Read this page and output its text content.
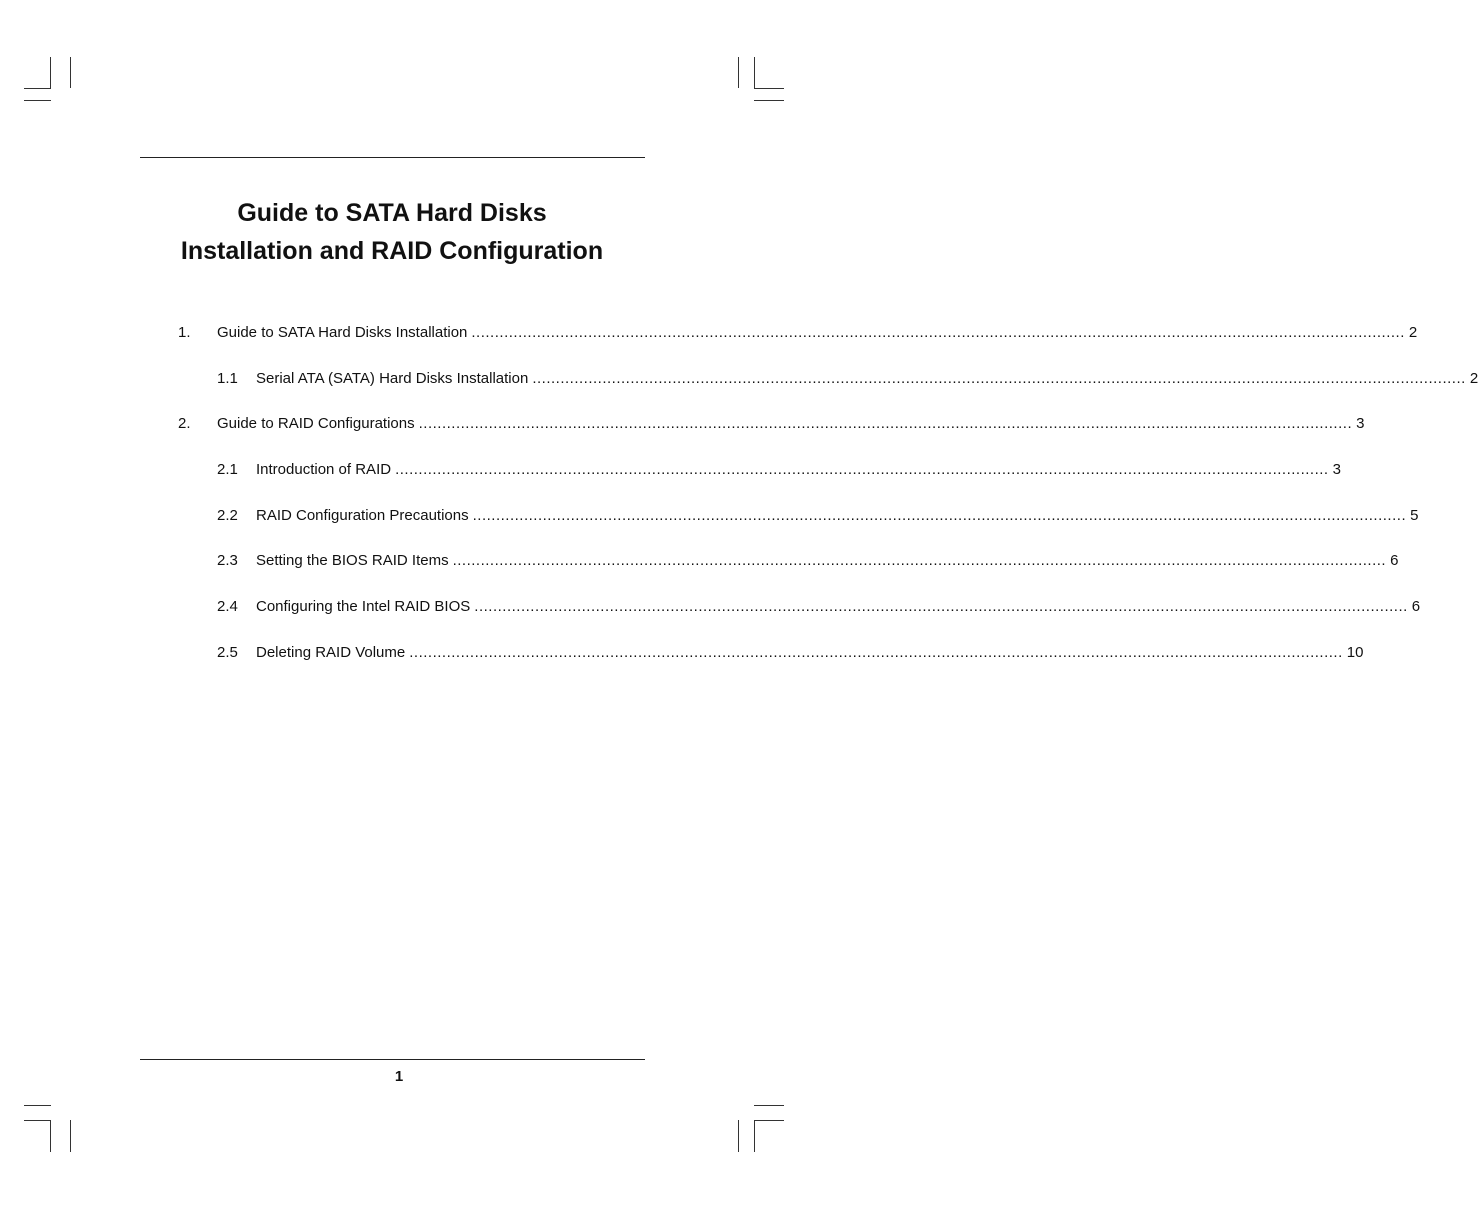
Guide to SATA Hard Disks
Installation and RAID Configuration
1.	Guide to SATA Hard Disks Installation ........................................................................................................................................................................................................ 2
1.1	Serial ATA (SATA) Hard Disks Installation ........................................................................................................................................................................................................ 2
2.	Guide to RAID Configurations ........................................................................................................................................................................................................ 3
2.1	Introduction of RAID ........................................................................................................................................................................................................ 3
2.2	RAID Configuration Precautions ........................................................................................................................................................................................................ 5
2.3	Setting the BIOS RAID Items ........................................................................................................................................................................................................ 6
2.4	Configuring the Intel RAID BIOS ........................................................................................................................................................................................................ 6
2.5	Deleting RAID Volume ........................................................................................................................................................................................................ 10
1
